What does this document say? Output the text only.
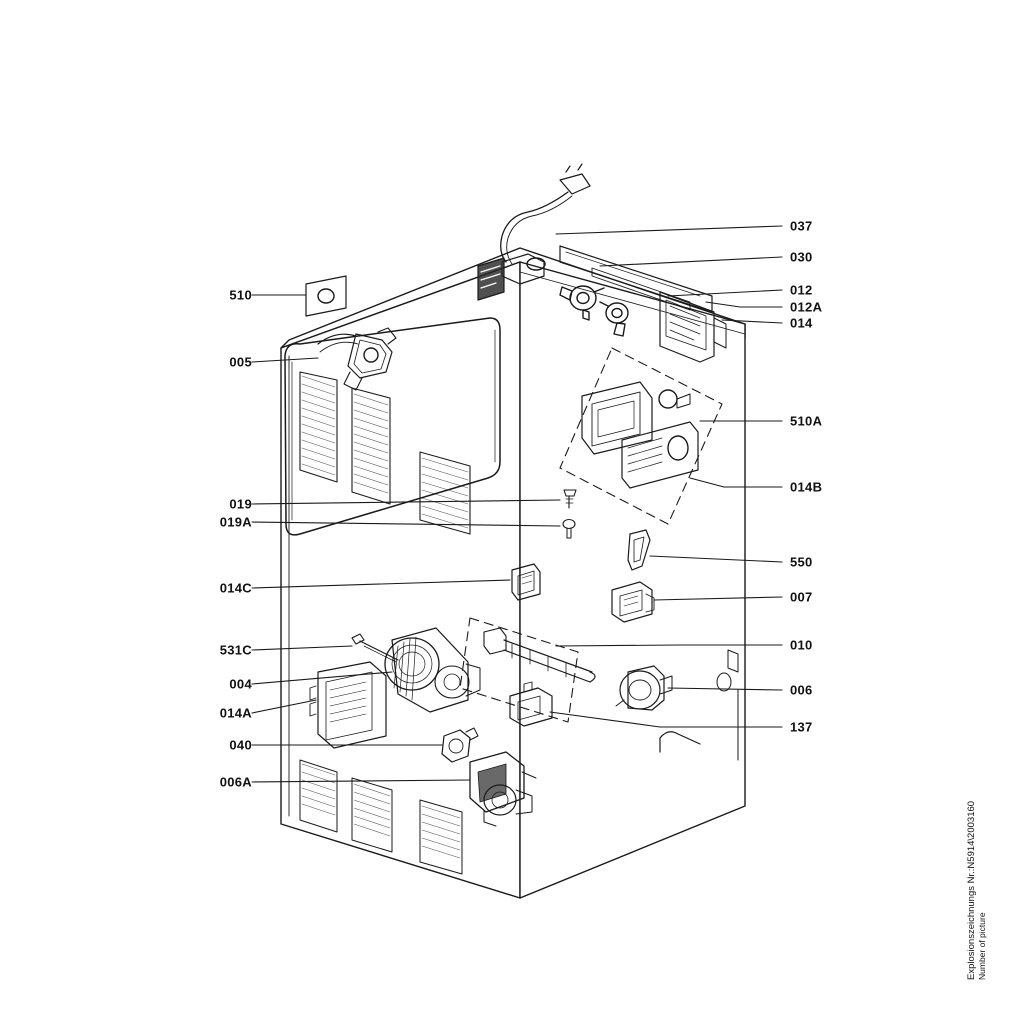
037
030
012
012A
014
510A
014B
550
007
010
006
137
510
005
019
019A
014C
531C
004
014A
040
006A
Explosionszeichnungs Nr.:N5914\2003160 Number of picture
